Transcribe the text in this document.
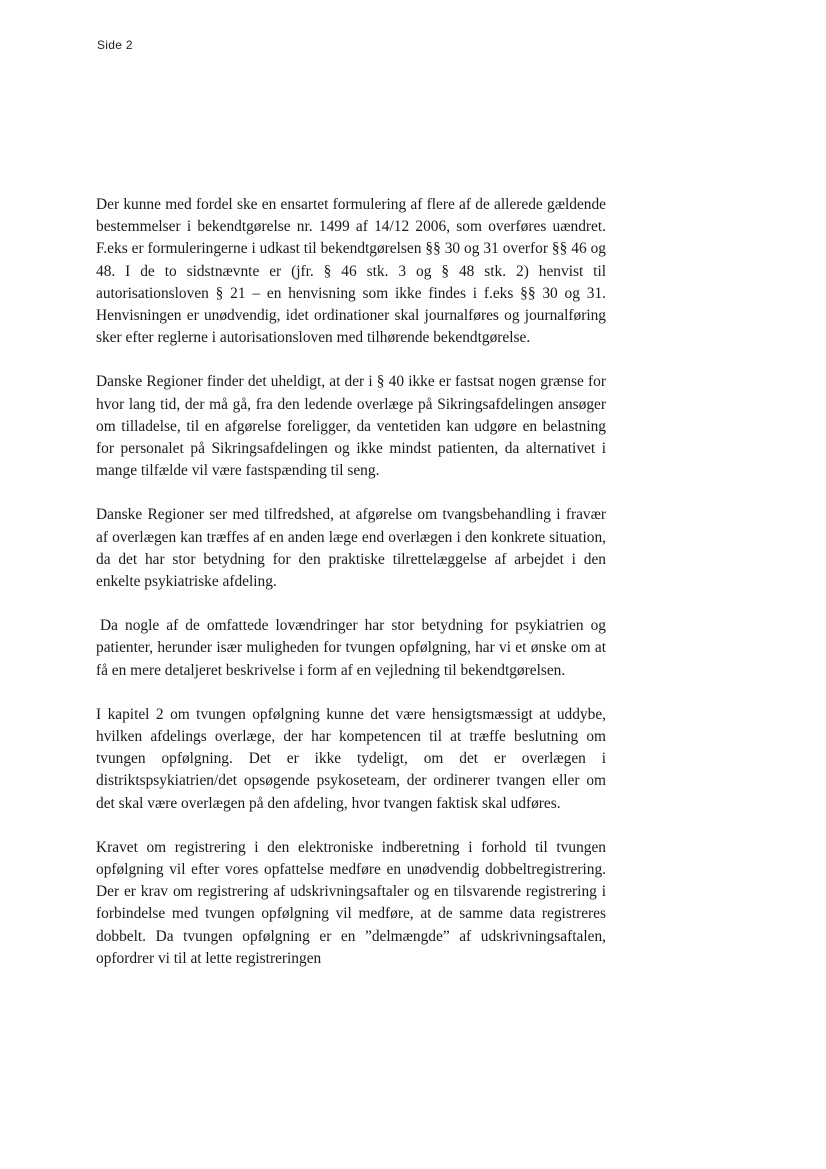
Side 2

Der kunne med fordel ske en ensartet formulering af flere af de allerede gældende bestemmelser i bekendtgørelse nr. 1499 af 14/12 2006, som overføres uændret. F.eks er formuleringerne i udkast til bekendtgørelsen §§ 30 og 31 overfor §§ 46 og 48. I de to sidstnævnte er (jfr. § 46 stk. 3 og § 48 stk. 2) henvist til autorisationsloven § 21 – en henvisning som ikke findes i f.eks §§ 30 og 31. Henvisningen er unødvendig, idet ordinationer skal journalføres og journalføring sker efter reglerne i autorisationsloven med tilhørende bekendtgørelse.

Danske Regioner finder det uheldigt, at der i § 40 ikke er fastsat nogen grænse for hvor lang tid, der må gå, fra den ledende overlæge på Sikringsafdelingen ansøger om tilladelse, til en afgørelse foreligger, da ventetiden kan udgøre en belastning for personalet på Sikringsafdelingen og ikke mindst patienten, da alternativet i mange tilfælde vil være fastspænding til seng.

Danske Regioner ser med tilfredshed, at afgørelse om tvangsbehandling i fravær af overlægen kan træffes af en anden læge end overlægen i den konkrete situation, da det har stor betydning for den praktiske tilrettelæggelse af arbejdet i den enkelte psykiatriske afdeling.

Da nogle af de omfattede lovændringer har stor betydning for psykiatrien og patienter, herunder især muligheden for tvungen opfølgning, har vi et ønske om at få en mere detaljeret beskrivelse i form af en vejledning til bekendtgørelsen.

I kapitel 2 om tvungen opfølgning kunne det være hensigtsmæssigt at uddybe, hvilken afdelings overlæge, der har kompetencen til at træffe beslutning om tvungen opfølgning. Det er ikke tydeligt, om det er overlægen i distriktspsykiatrien/det opsøgende psykoseteam, der ordinerer tvangen eller om det skal være overlægen på den afdeling, hvor tvangen faktisk skal udføres.

Kravet om registrering i den elektroniske indberetning i forhold til tvungen opfølgning vil efter vores opfattelse medføre en unødvendig dobbeltregistrering. Der er krav om registrering af udskrivningsaftaler og en tilsvarende registrering i forbindelse med tvungen opfølgning vil medføre, at de samme data registreres dobbelt. Da tvungen opfølgning er en ”delmængde” af udskrivningsaftalen, opfordrer vi til at lette registreringen
